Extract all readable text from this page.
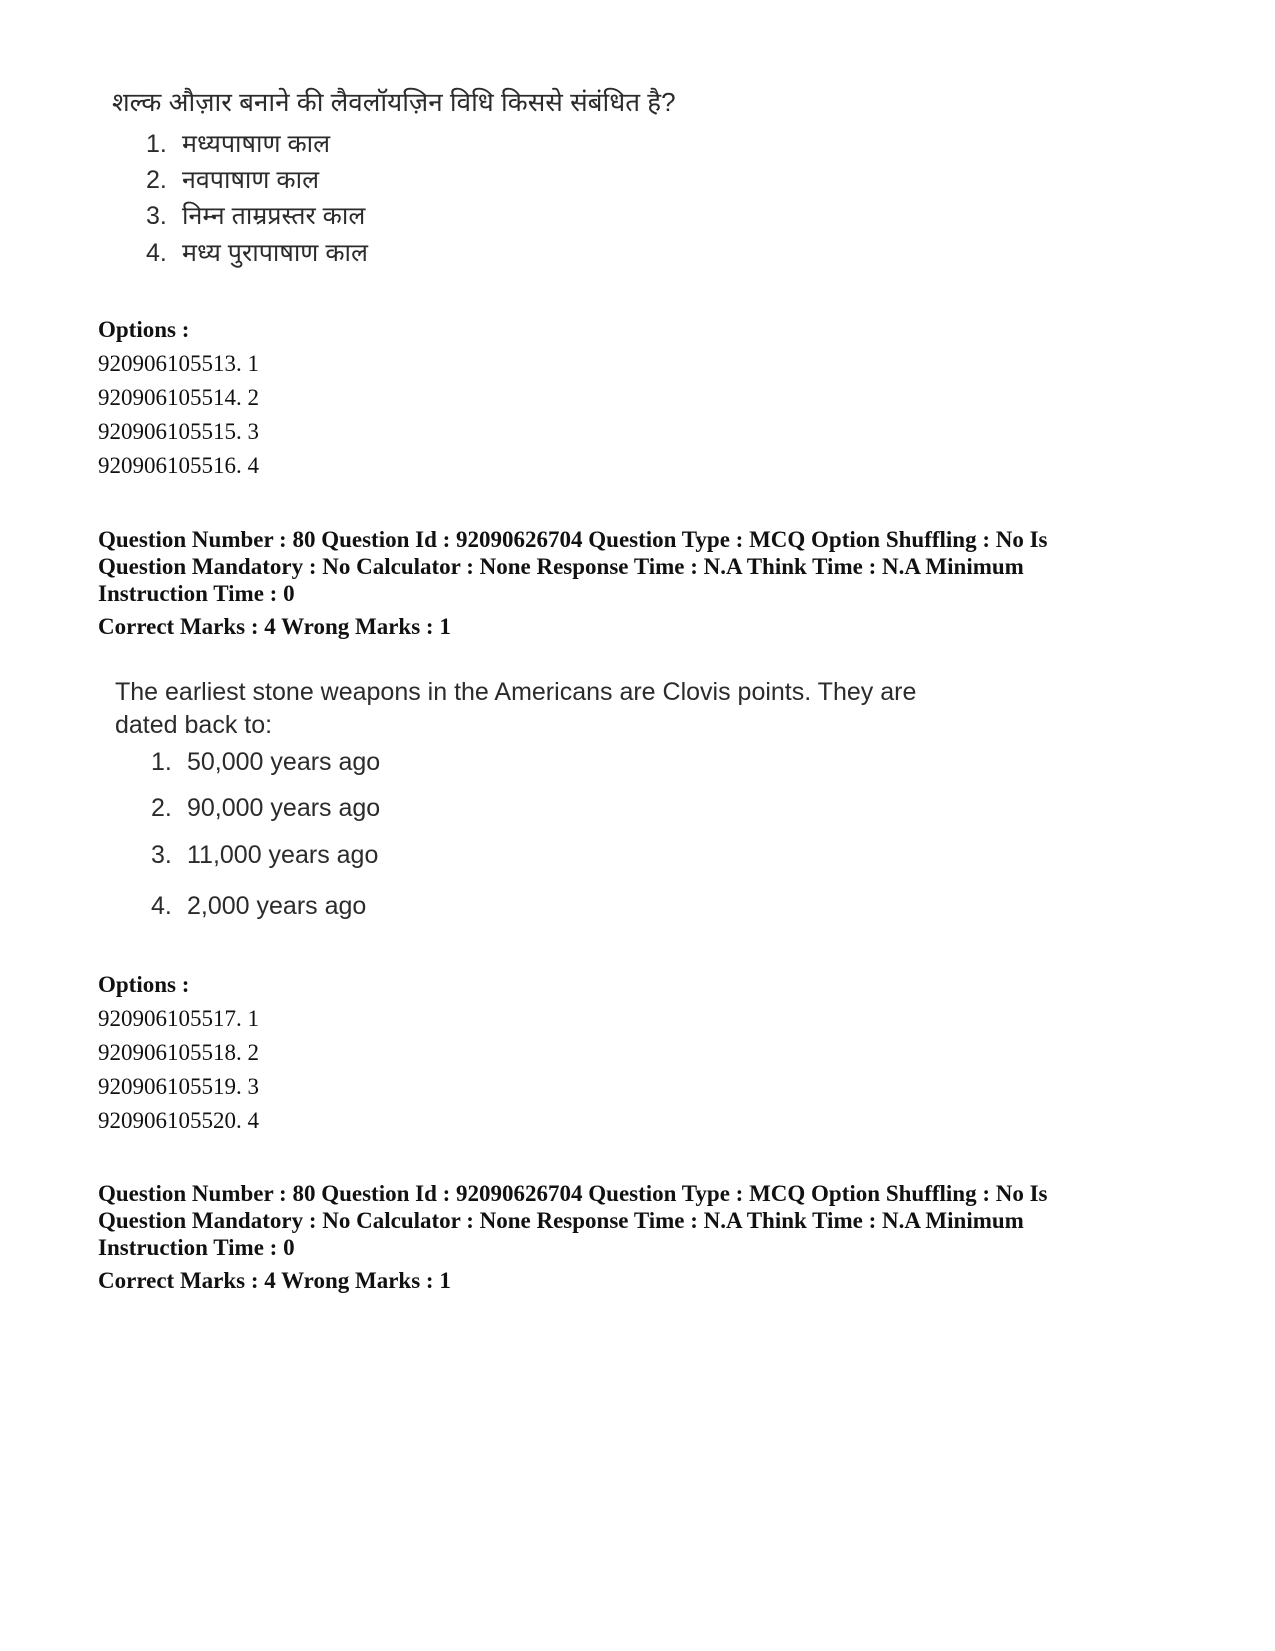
शल्क औज़ार बनाने की लैवलॉयज़िन विधि किससे संबंधित है?
1. मध्यपाषाण काल
2. नवपाषाण काल
3. निम्न ताम्रप्रस्तर काल
4. मध्य पुरापाषाण काल
Options :
920906105513. 1
920906105514. 2
920906105515. 3
920906105516. 4
Question Number : 80 Question Id : 92090626704 Question Type : MCQ Option Shuffling : No Is
Question Mandatory : No Calculator : None Response Time : N.A Think Time : N.A Minimum
Instruction Time : 0
Correct Marks : 4 Wrong Marks : 1
The earliest stone weapons in the Americans are Clovis points. They are
dated back to:
1. 50,000 years ago
2. 90,000 years ago
3. 11,000 years ago
4. 2,000 years ago
Options :
920906105517. 1
920906105518. 2
920906105519. 3
920906105520. 4
Question Number : 80 Question Id : 92090626704 Question Type : MCQ Option Shuffling : No Is
Question Mandatory : No Calculator : None Response Time : N.A Think Time : N.A Minimum
Instruction Time : 0
Correct Marks : 4 Wrong Marks : 1
